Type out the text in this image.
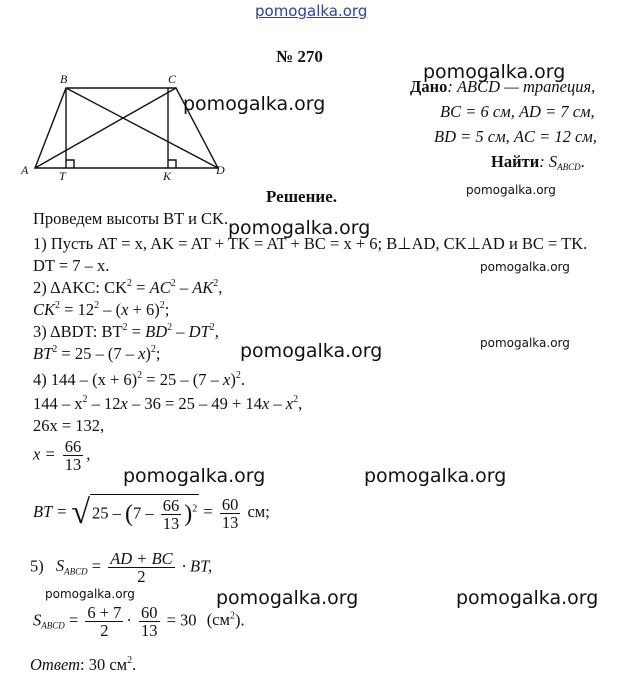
pomogalka.org
pomogalka.org
pomogalka.org
pomogalka.org
pomogalka.org
pomogalka.org
pomogalka.org
pomogalka.org
pomogalka.org	pomogalka.org
pomogalka.org	pomogalka.org	pomogalka.org
№ 270
B	C
A	D
T	K
Дано: ABCD — трапеция,
BC = 6 см, AD = 7 см,
BD = 5 см, AC = 12 см,
Найти: $S_{ABCD}$.
Решение.
Проведем высоты BT и CK.
1) Пусть AT = x, AK = AT + TK = AT + BC = x + 6; B⊥AD, CK⊥AD и BC = TK.
DT = 7 – x.
2) ΔAKC: $CK^2 = AC^2 - AK^2$,
$CK^2 = 12^2 - (x + 6)^2$;
3) ΔBDT: $BT^2 = BD^2 - DT^2$,
$BT^2 = 25 - (7 - x)^2$;
4) $144 - (x + 6)^2 = 25 - (7 - x)^2$.
$144 - x^2 - 12x - 36 = 25 - 49 + 14x - x^2$,
26x = 132,
$x = \frac{66}{13}$ ,
BT = √ $25 - (7 - \frac{66}{13} )^2 = \frac{60}{13}$ см;
5) $S_{ABCD} = \frac{AD + BC}{2}$ · BT,
$S_{ABCD} = \frac{6 + 7}{2} \cdot \frac{60}{13} = 30$ $(см^2)$.
Ответ: 30 $см^2$.
